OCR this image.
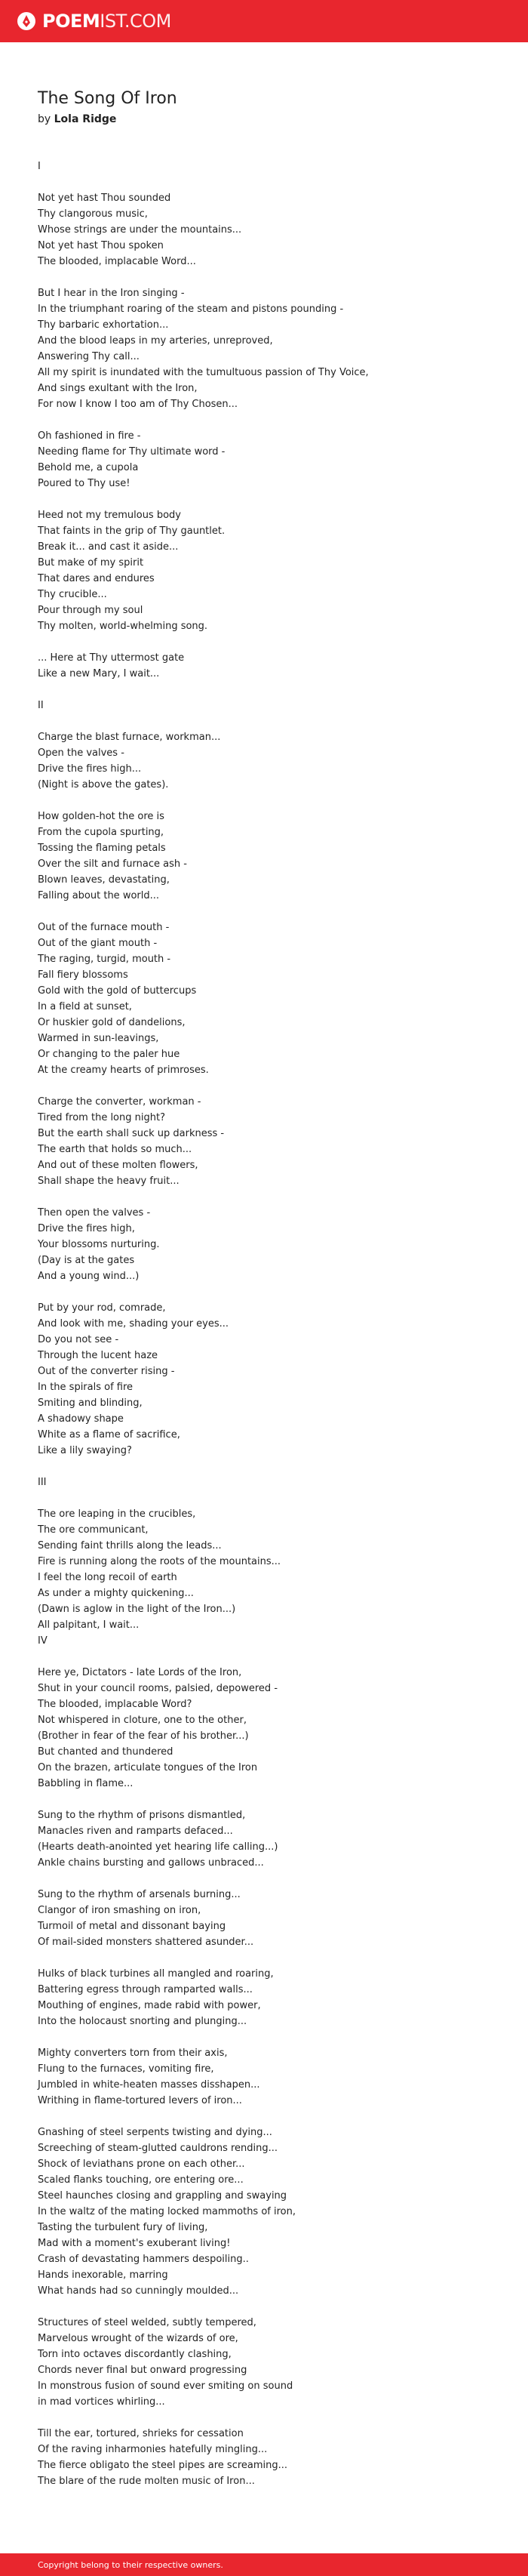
POEMIST.COM
The Song Of Iron
by Lola Ridge
I
Not yet hast Thou sounded
Thy clangorous music,
Whose strings are under the mountains...
Not yet hast Thou spoken
The blooded, implacable Word...
But I hear in the Iron singing -
In the triumphant roaring of the steam and pistons pounding -
Thy barbaric exhortation...
And the blood leaps in my arteries, unreproved,
Answering Thy call...
All my spirit is inundated with the tumultuous passion of Thy Voice,
And sings exultant with the Iron,
For now I know I too am of Thy Chosen...
Oh fashioned in fire -
Needing flame for Thy ultimate word -
Behold me, a cupola
Poured to Thy use!
Heed not my tremulous body
That faints in the grip of Thy gauntlet.
Break it... and cast it aside...
But make of my spirit
That dares and endures
Thy crucible...
Pour through my soul
Thy molten, world-whelming song.
... Here at Thy uttermost gate
Like a new Mary, I wait...
II
Charge the blast furnace, workman...
Open the valves -
Drive the fires high...
(Night is above the gates).
How golden-hot the ore is
From the cupola spurting,
Tossing the flaming petals
Over the silt and furnace ash -
Blown leaves, devastating,
Falling about the world...
Out of the furnace mouth -
Out of the giant mouth -
The raging, turgid, mouth -
Fall fiery blossoms
Gold with the gold of buttercups
In a field at sunset,
Or huskier gold of dandelions,
Warmed in sun-leavings,
Or changing to the paler hue
At the creamy hearts of primroses.
Charge the converter, workman -
Tired from the long night?
But the earth shall suck up darkness -
The earth that holds so much...
And out of these molten flowers,
Shall shape the heavy fruit...
Then open the valves -
Drive the fires high,
Your blossoms nurturing.
(Day is at the gates
And a young wind...)
Put by your rod, comrade,
And look with me, shading your eyes...
Do you not see -
Through the lucent haze
Out of the converter rising -
In the spirals of fire
Smiting and blinding,
A shadowy shape
White as a flame of sacrifice,
Like a lily swaying?
III
The ore leaping in the crucibles,
The ore communicant,
Sending faint thrills along the leads...
Fire is running along the roots of the mountains...
I feel the long recoil of earth
As under a mighty quickening...
(Dawn is aglow in the light of the Iron...)
All palpitant, I wait...
IV
Here ye, Dictators - late Lords of the Iron,
Shut in your council rooms, palsied, depowered -
The blooded, implacable Word?
Not whispered in cloture, one to the other,
(Brother in fear of the fear of his brother...)
But chanted and thundered
On the brazen, articulate tongues of the Iron
Babbling in flame...
Sung to the rhythm of prisons dismantled,
Manacles riven and ramparts defaced...
(Hearts death-anointed yet hearing life calling...)
Ankle chains bursting and gallows unbraced...
Sung to the rhythm of arsenals burning...
Clangor of iron smashing on iron,
Turmoil of metal and dissonant baying
Of mail-sided monsters shattered asunder...
Hulks of black turbines all mangled and roaring,
Battering egress through ramparted walls...
Mouthing of engines, made rabid with power,
Into the holocaust snorting and plunging...
Mighty converters torn from their axis,
Flung to the furnaces, vomiting fire,
Jumbled in white-heaten masses disshapen...
Writhing in flame-tortured levers of iron...
Gnashing of steel serpents twisting and dying...
Screeching of steam-glutted cauldrons rending...
Shock of leviathans prone on each other...
Scaled flanks touching, ore entering ore...
Steel haunches closing and grappling and swaying
In the waltz of the mating locked mammoths of iron,
Tasting the turbulent fury of living,
Mad with a moment's exuberant living!
Crash of devastating hammers despoiling..
Hands inexorable, marring
What hands had so cunningly moulded...
Structures of steel welded, subtly tempered,
Marvelous wrought of the wizards of ore,
Torn into octaves discordantly clashing,
Chords never final but onward progressing
In monstrous fusion of sound ever smiting on sound
in mad vortices whirling...
Till the ear, tortured, shrieks for cessation
Of the raving inharmonies hatefully mingling...
The fierce obligato the steel pipes are screaming...
The blare of the rude molten music of Iron...
Copyright belong to their respective owners.
